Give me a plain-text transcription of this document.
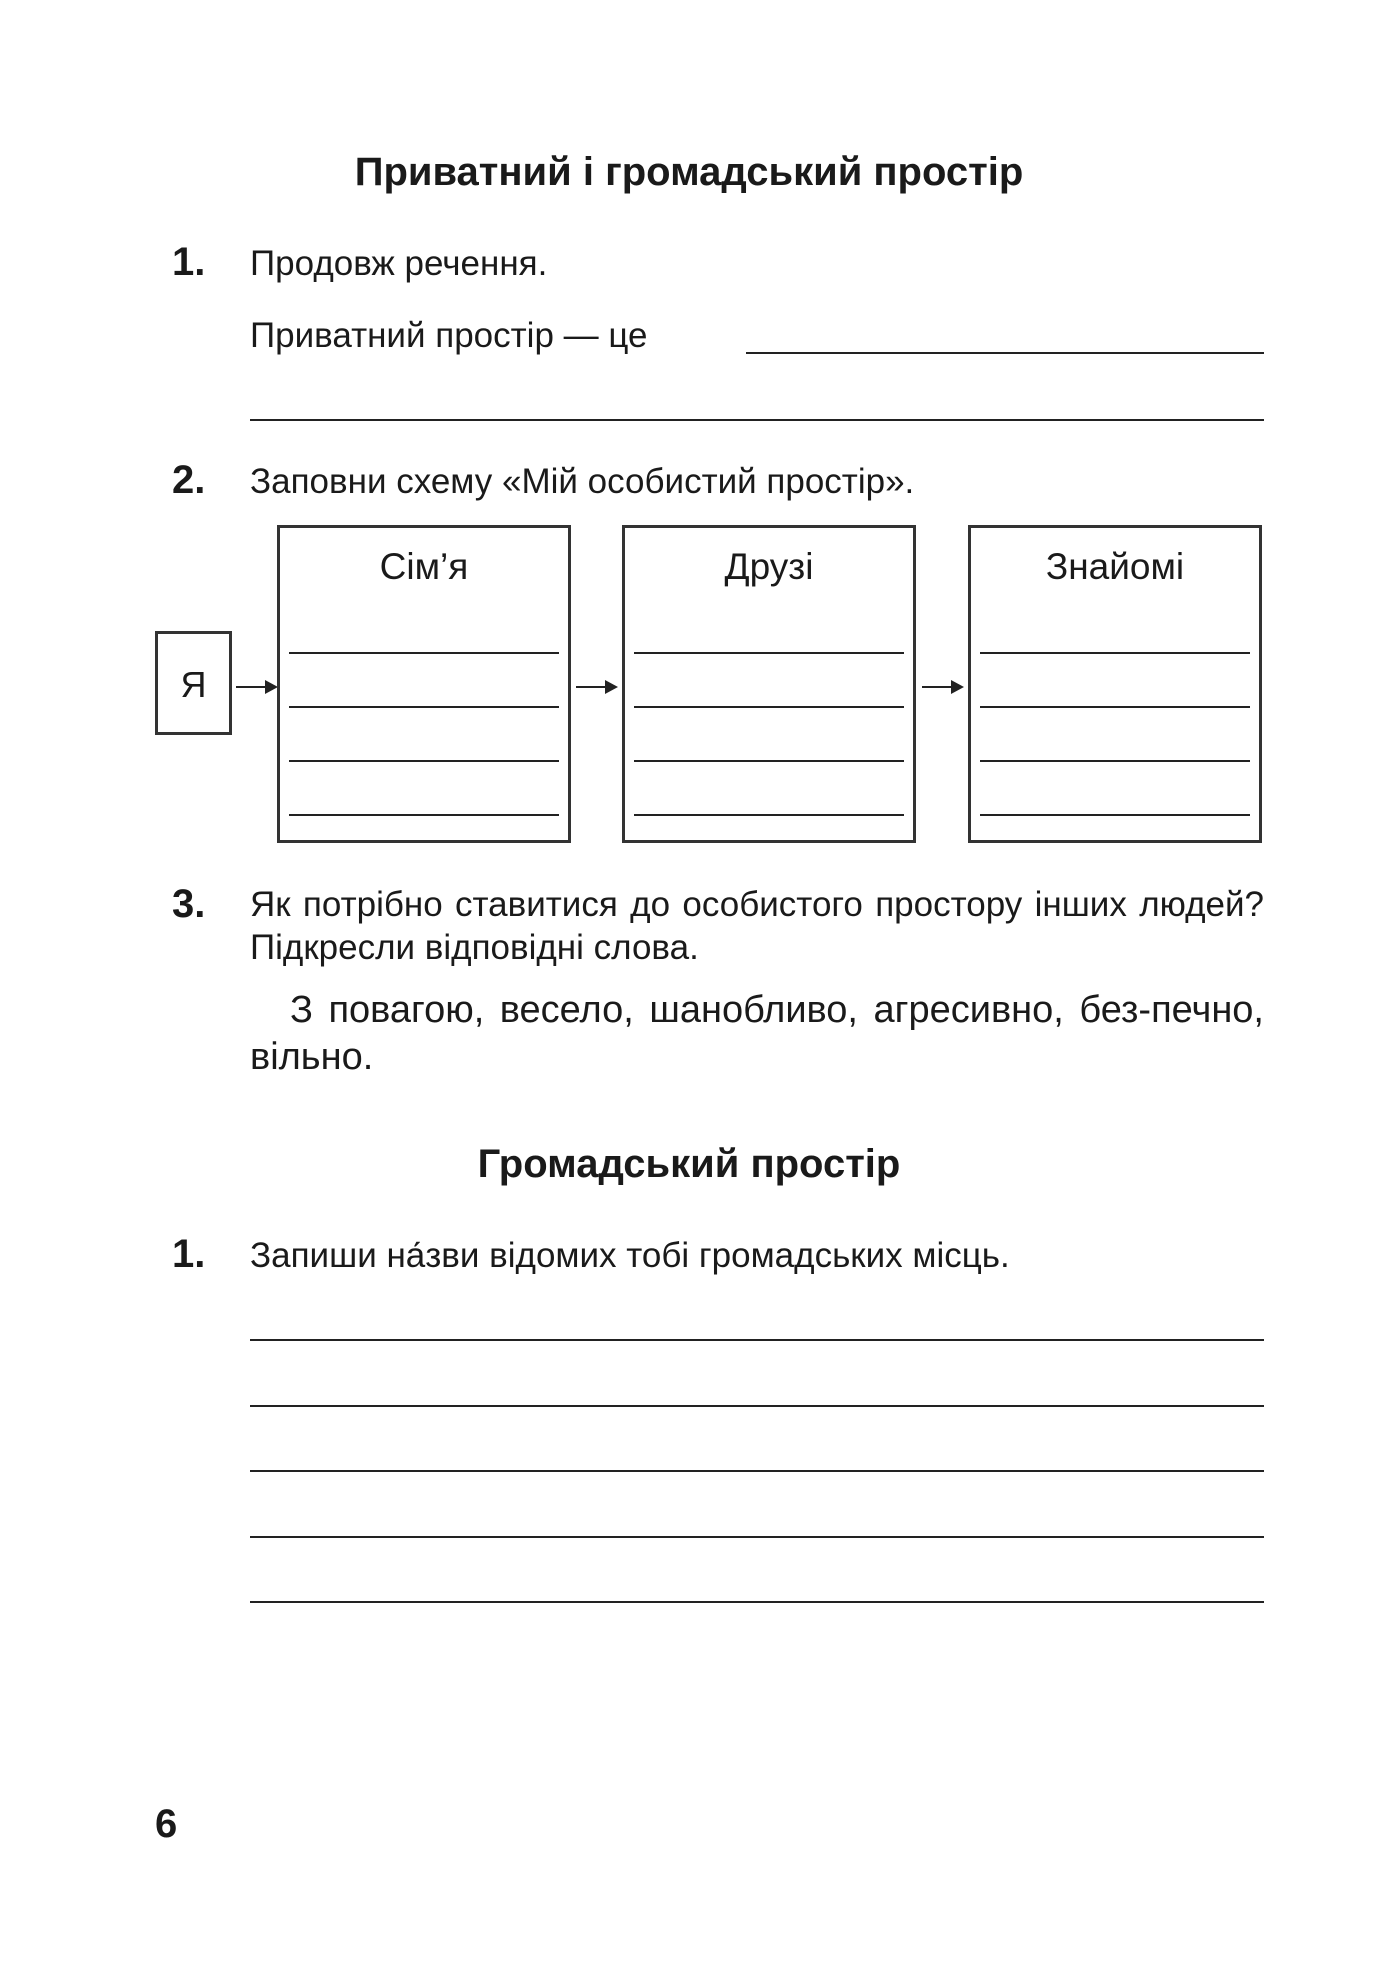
Приватний і громадський простір
1. Продовж речення.
Приватний простір — це
2. Заповни схему «Мій особистий простір».
Я
Сім’я	Друзі	Знайомі
3. Як потрібно ставитися до особистого простору інших людей? Підкресли відповідні слова.
З повагою, весело, шанобливо, агресивно, без-печно, вільно.
Громадський простір
1. Запиши на́зви відомих тобі громадських місць.
6
